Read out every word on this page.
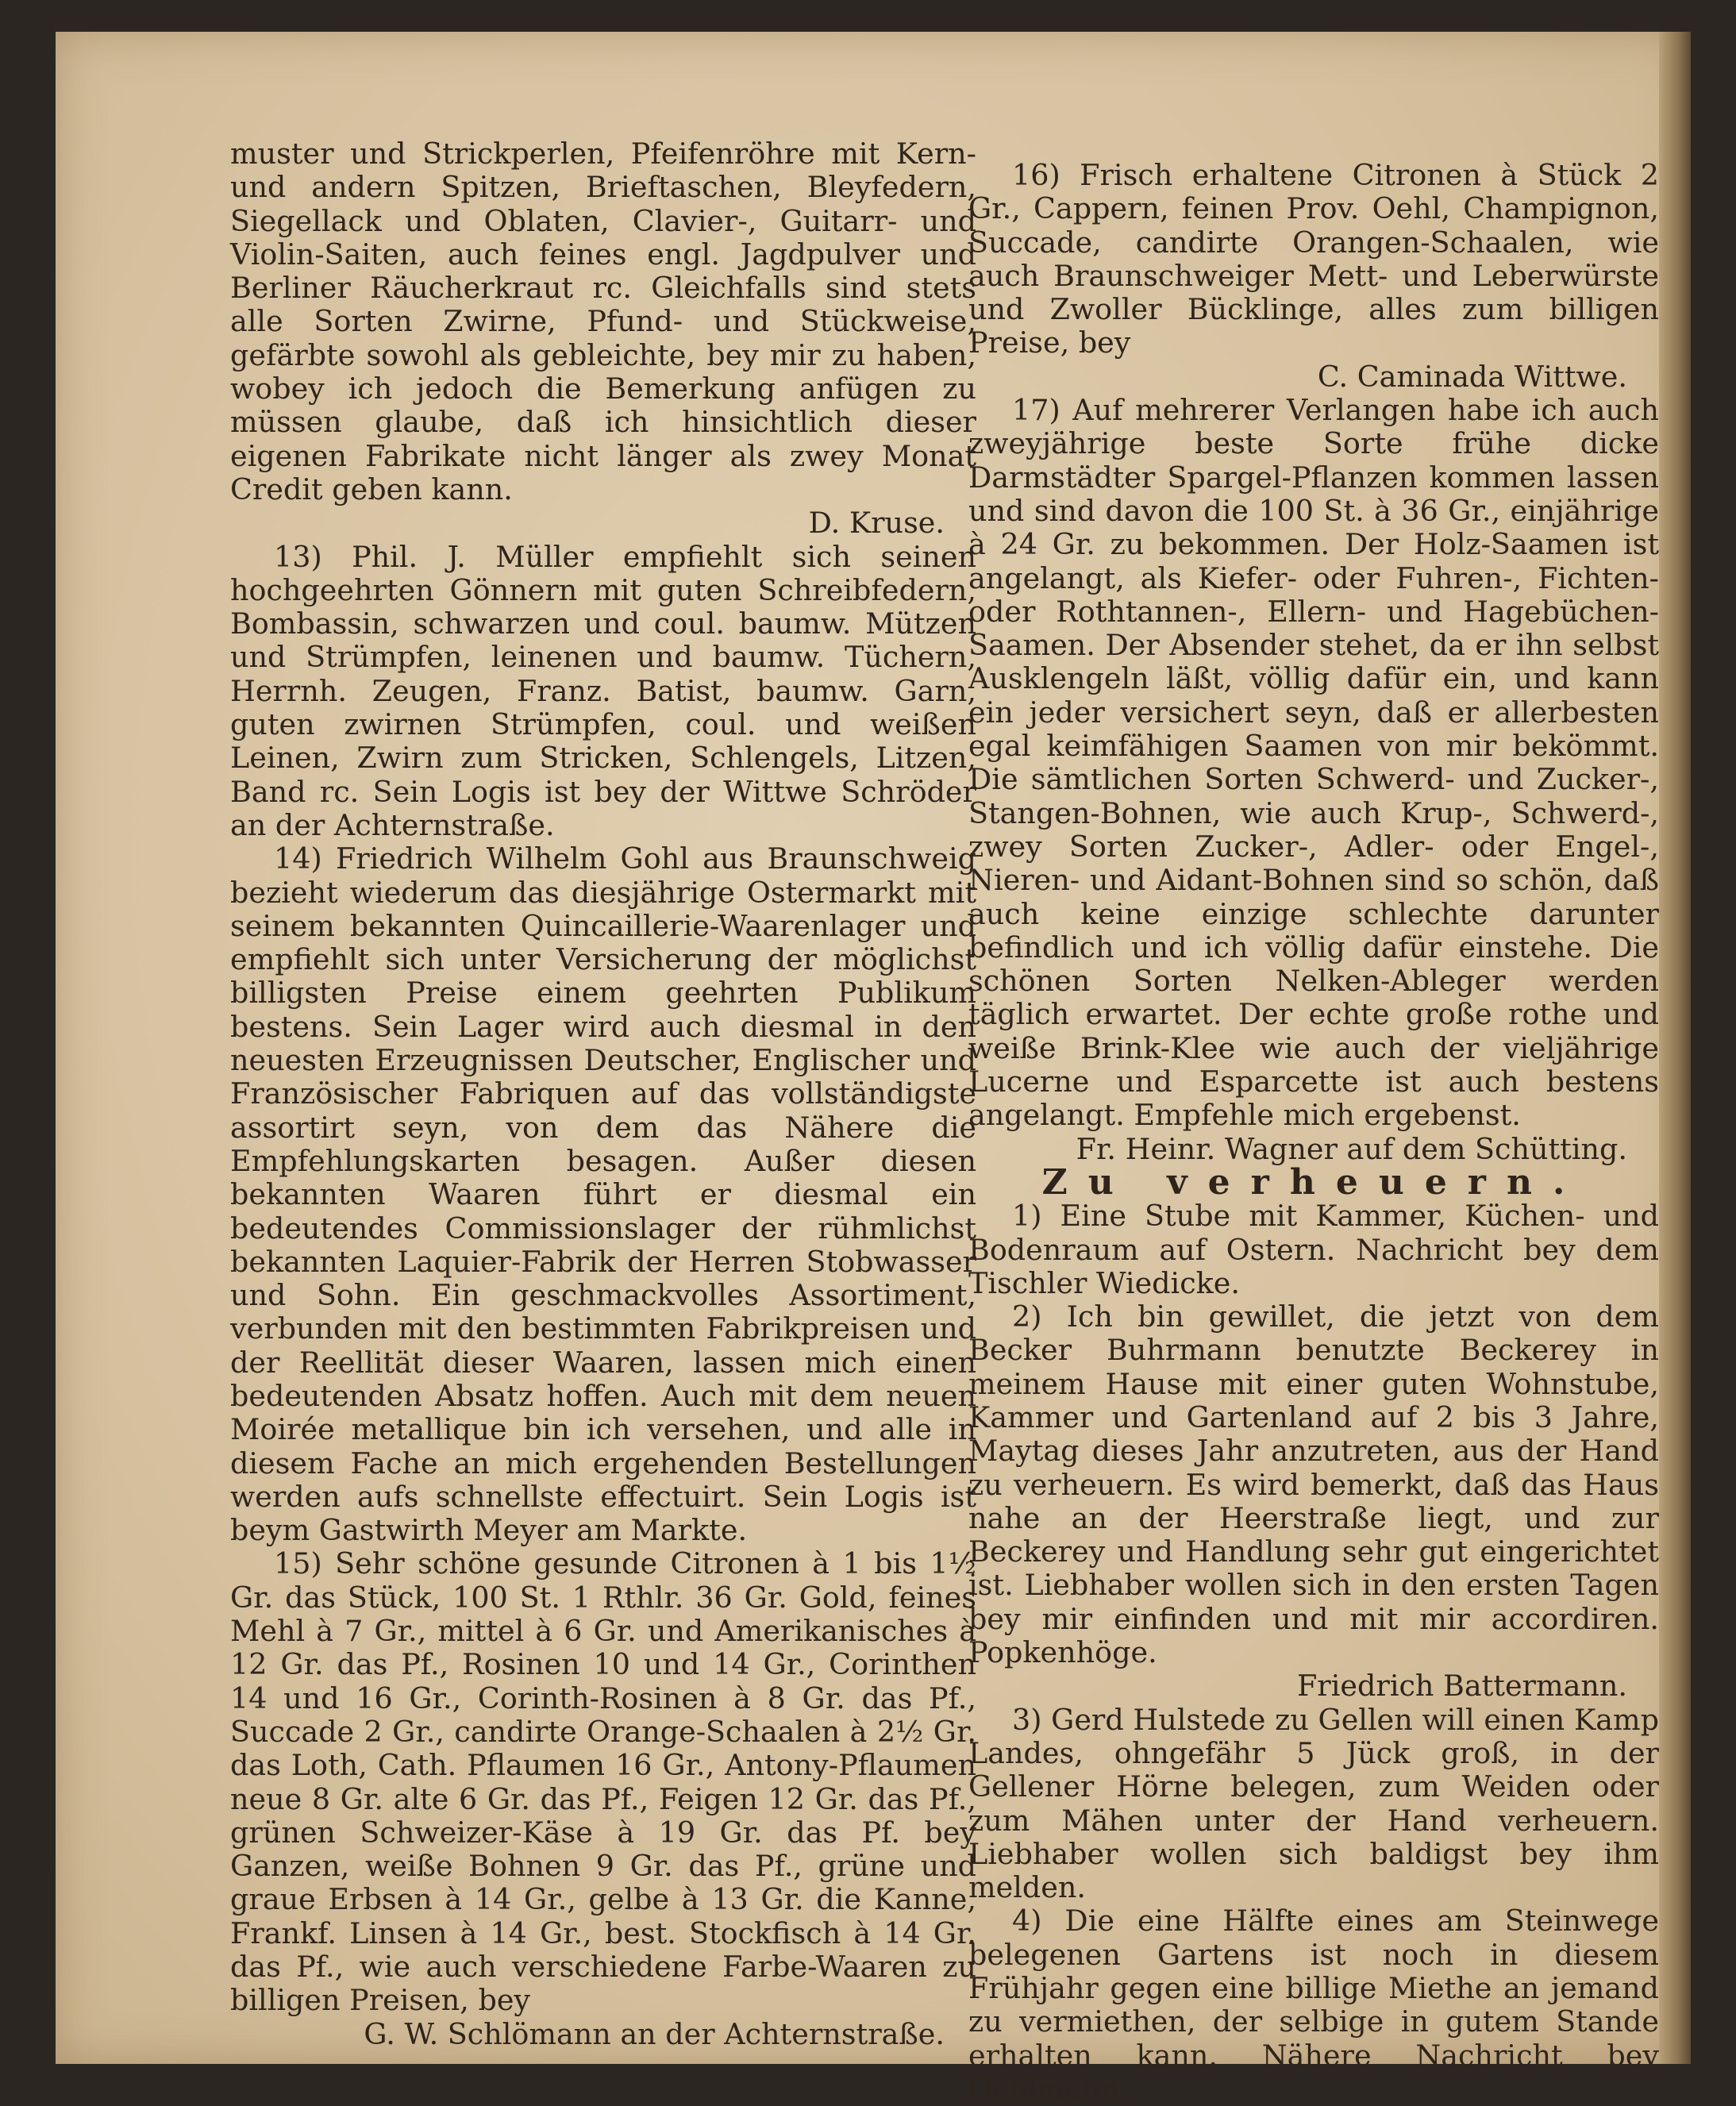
muster und Strickperlen, Pfeifenröhre mit Kern- und andern Spitzen, Brieftaschen, Bleyfedern, Siegellack und Oblaten, Clavier-, Guitarr- und Violin-Saiten, auch feines engl. Jagdpulver und Berliner Räucherkraut rc. Gleichfalls sind stets alle Sorten Zwirne, Pfund- und Stückweise, gefärbte sowohl als gebleichte, bey mir zu haben, wobey ich jedoch die Bemerkung anfügen zu müssen glaube, daß ich hinsichtlich dieser eigenen Fabrikate nicht länger als zwey Monat Credit geben kann.

D. Kruse.

13) Phil. J. Müller empfiehlt sich seinen hochgeehrten Gönnern mit guten Schreibfedern, Bombassin, schwarzen und coul. baumw. Mützen und Strümpfen, leinenen und baumw. Tüchern, Herrnh. Zeugen, Franz. Batist, baumw. Garn, guten zwirnen Strümpfen, coul. und weißen Leinen, Zwirn zum Stricken, Schlengels, Litzen, Band rc. Sein Logis ist bey der Wittwe Schröder an der Achternstraße.

14) Friedrich Wilhelm Gohl aus Braunschweig bezieht wiederum das diesjährige Ostermarkt mit seinem bekannten Quincaillerie-Waarenlager und empfiehlt sich unter Versicherung der möglichst billigsten Preise einem geehrten Publikum bestens. Sein Lager wird auch diesmal in den neuesten Erzeugnissen Deutscher, Englischer und Französischer Fabriquen auf das vollständigste assortirt seyn, von dem das Nähere die Empfehlungskarten besagen. Außer diesen bekannten Waaren führt er diesmal ein bedeutendes Commissionslager der rühmlichst bekannten Laquier-Fabrik der Herren Stobwasser und Sohn. Ein geschmackvolles Assortiment, verbunden mit den bestimmten Fabrikpreisen und der Reellität dieser Waaren, lassen mich einen bedeutenden Absatz hoffen. Auch mit dem neuen Moirée metallique bin ich versehen, und alle in diesem Fache an mich ergehenden Bestellungen werden aufs schnellste effectuirt. Sein Logis ist beym Gastwirth Meyer am Markte.

15) Sehr schöne gesunde Citronen à 1 bis 1½ Gr. das Stück, 100 St. 1 Rthlr. 36 Gr. Gold, feines Mehl à 7 Gr., mittel à 6 Gr. und Amerikanisches à 12 Gr. das Pf., Rosinen 10 und 14 Gr., Corinthen 14 und 16 Gr., Corinth-Rosinen à 8 Gr. das Pf., Succade 2 Gr., candirte Orange-Schaalen à 2½ Gr. das Loth, Cath. Pflaumen 16 Gr., Antony-Pflaumen neue 8 Gr. alte 6 Gr. das Pf., Feigen 12 Gr. das Pf., grünen Schweizer-Käse à 19 Gr. das Pf. bey Ganzen, weiße Bohnen 9 Gr. das Pf., grüne und graue Erbsen à 14 Gr., gelbe à 13 Gr. die Kanne, Frankf. Linsen à 14 Gr., best. Stockfisch à 14 Gr. das Pf., wie auch verschiedene Farbe-Waaren zu billigen Preisen, bey

G. W. Schlömann an der Achternstraße.

16) Frisch erhaltene Citronen à Stück 2 Gr., Cappern, feinen Prov. Oehl, Champignon, Succade, candirte Orangen-Schaalen, wie auch Braunschweiger Mett- und Leberwürste und Zwoller Bücklinge, alles zum billigen Preise, bey

C. Caminada Wittwe.

17) Auf mehrerer Verlangen habe ich auch zweyjährige beste Sorte frühe dicke Darmstädter Spargel-Pflanzen kommen lassen und sind davon die 100 St. à 36 Gr., einjährige à 24 Gr. zu bekommen. Der Holz-Saamen ist angelangt, als Kiefer- oder Fuhren-, Fichten- oder Rothtannen-, Ellern- und Hagebüchen-Saamen. Der Absender stehet, da er ihn selbst Ausklengeln läßt, völlig dafür ein, und kann ein jeder versichert seyn, daß er allerbesten egal keimfähigen Saamen von mir bekömmt. Die sämtlichen Sorten Schwerd- und Zucker-, Stangen-Bohnen, wie auch Krup-, Schwerd-, zwey Sorten Zucker-, Adler- oder Engel-, Nieren- und Aidant-Bohnen sind so schön, daß auch keine einzige schlechte darunter befindlich und ich völlig dafür einstehe. Die schönen Sorten Nelken-Ableger werden täglich erwartet. Der echte große rothe und weiße Brink-Klee wie auch der vieljährige Lucerne und Esparcette ist auch bestens angelangt. Empfehle mich ergebenst.

Fr. Heinr. Wagner auf dem Schütting.

Zu verheuern.

1) Eine Stube mit Kammer, Küchen- und Bodenraum auf Ostern. Nachricht bey dem Tischler Wiedicke.

2) Ich bin gewillet, die jetzt von dem Becker Buhrmann benutzte Beckerey in meinem Hause mit einer guten Wohnstube, Kammer und Gartenland auf 2 bis 3 Jahre, Maytag dieses Jahr anzutreten, aus der Hand zu verheuern. Es wird bemerkt, daß das Haus nahe an der Heerstraße liegt, und zur Beckerey und Handlung sehr gut eingerichtet ist. Liebhaber wollen sich in den ersten Tagen bey mir einfinden und mit mir accordiren. Popkenhöge.

Friedrich Battermann.

3) Gerd Hulstede zu Gellen will einen Kamp Landes, ohngefähr 5 Jück groß, in der Gellener Hörne belegen, zum Weiden oder zum Mähen unter der Hand verheuern. Liebhaber wollen sich baldigst bey ihm melden.

4) Die eine Hälfte eines am Steinwege belegenen Gartens ist noch in diesem Frühjahr gegen eine billige Miethe an jemand zu vermiethen, der selbige in gutem Stande erhalten kann. Nähere Nachricht bey Oehlmann.
